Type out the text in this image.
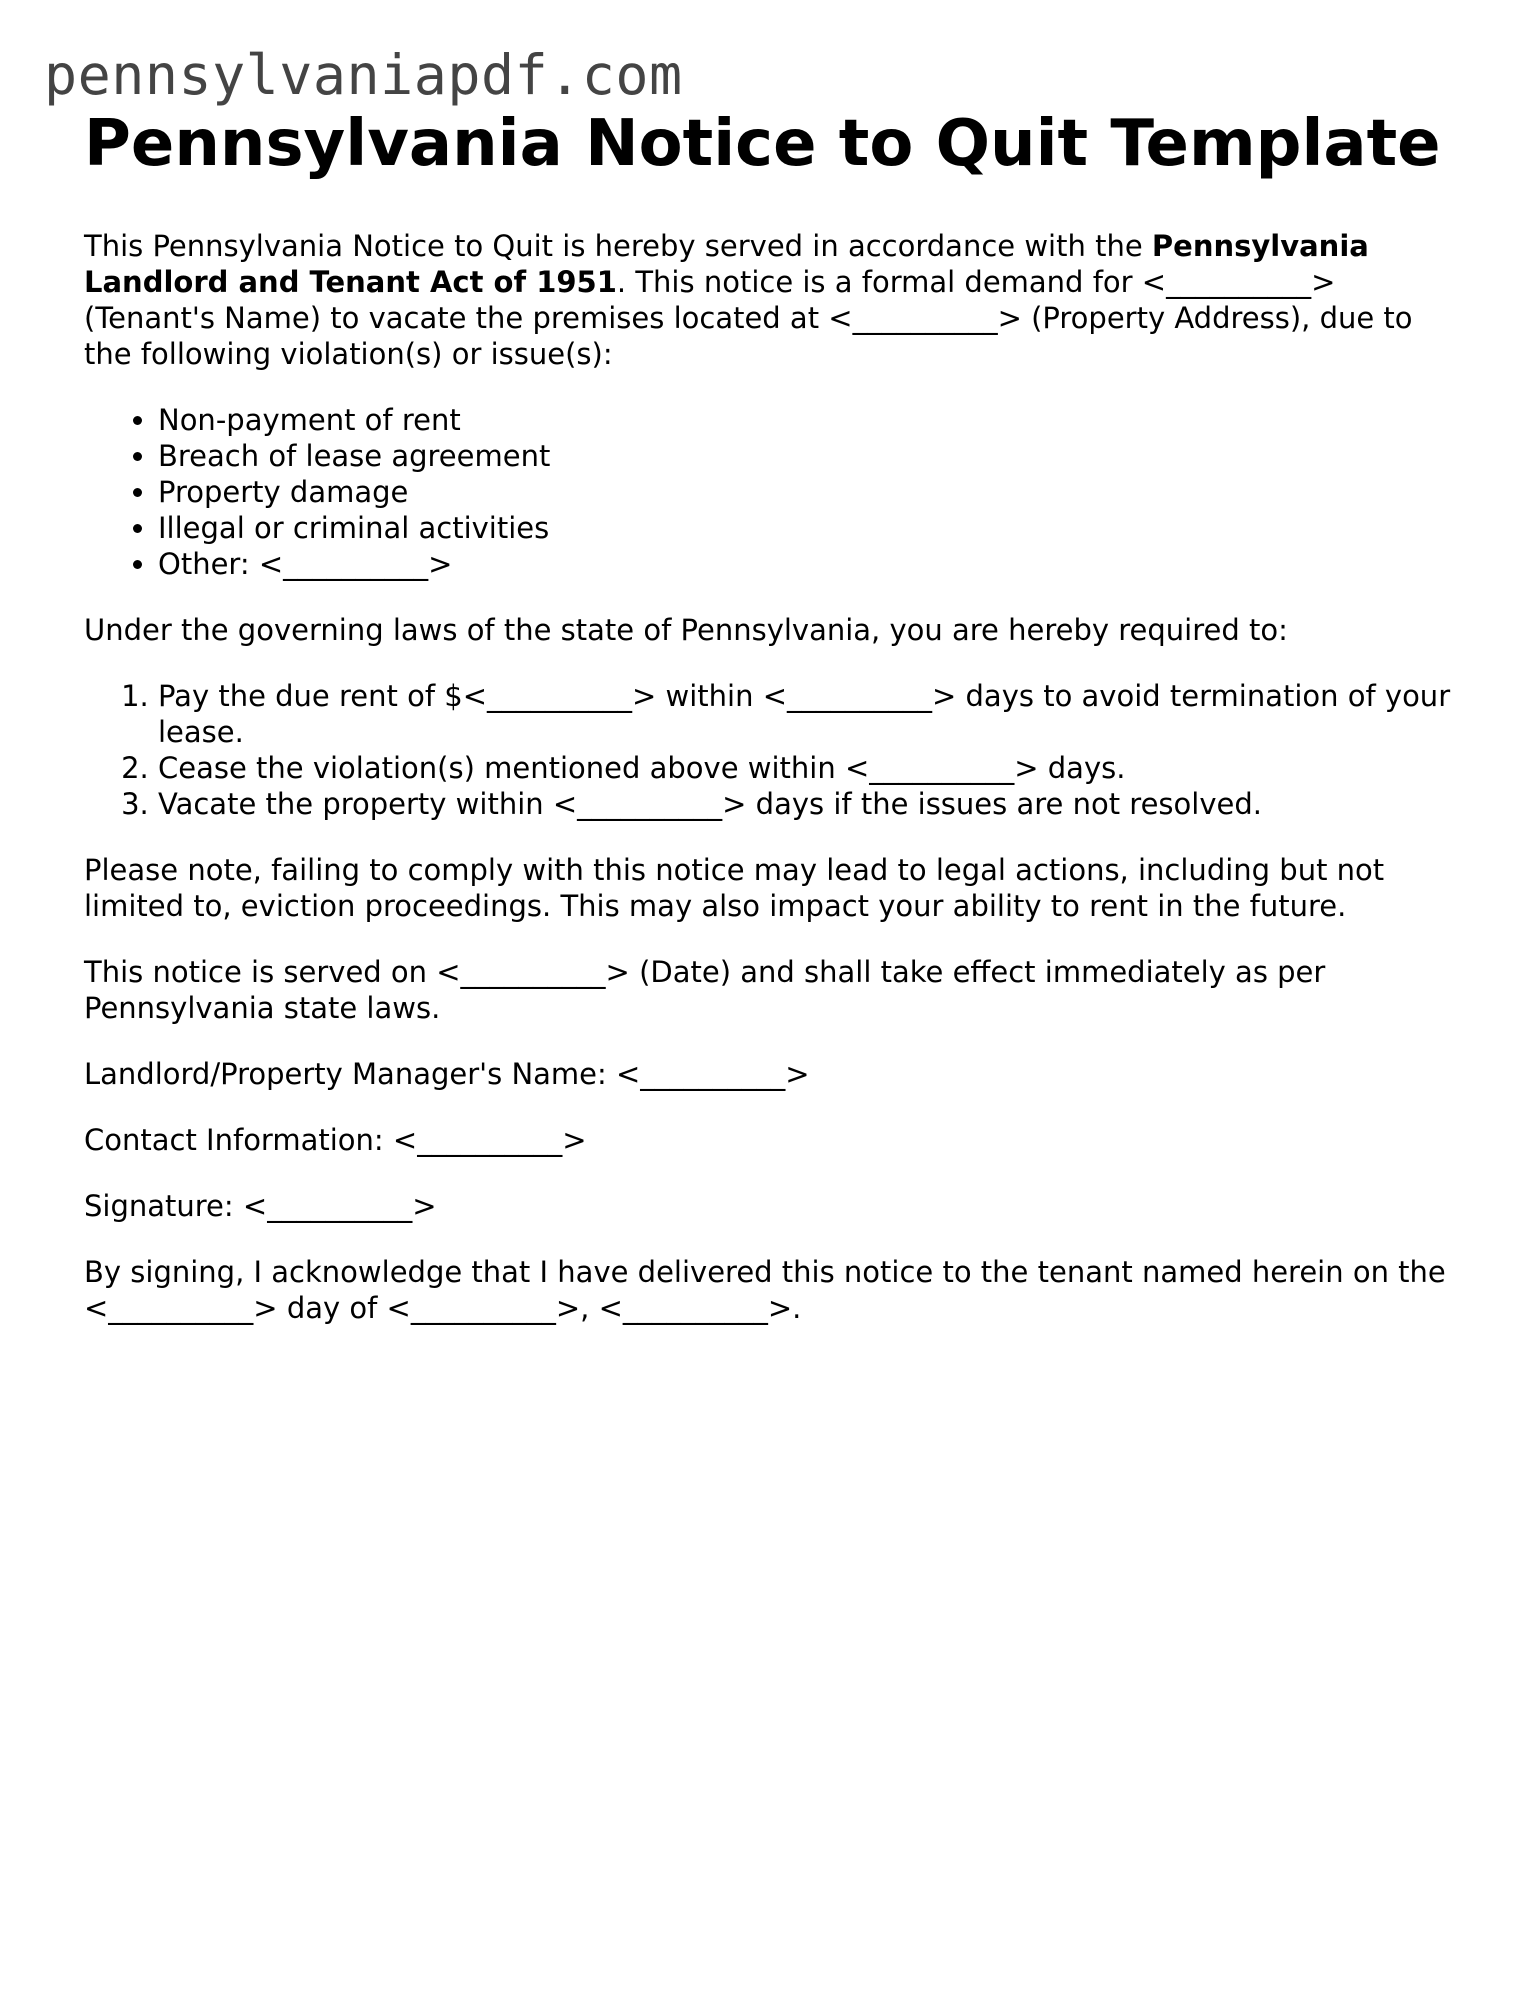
pennsylvaniapdf.com
Pennsylvania Notice to Quit Template

This Pennsylvania Notice to Quit is hereby served in accordance with the Pennsylvania Landlord and Tenant Act of 1951. This notice is a formal demand for <__________> (Tenant's Name) to vacate the premises located at <__________> (Property Address), due to the following violation(s) or issue(s):

• Non-payment of rent
• Breach of lease agreement
• Property damage
• Illegal or criminal activities
• Other: <__________>

Under the governing laws of the state of Pennsylvania, you are hereby required to:

1. Pay the due rent of $<__________> within <__________> days to avoid termination of your lease.
2. Cease the violation(s) mentioned above within <__________> days.
3. Vacate the property within <__________> days if the issues are not resolved.

Please note, failing to comply with this notice may lead to legal actions, including but not limited to, eviction proceedings. This may also impact your ability to rent in the future.

This notice is served on <__________> (Date) and shall take effect immediately as per Pennsylvania state laws.

Landlord/Property Manager's Name: <__________>

Contact Information: <__________>

Signature: <__________>

By signing, I acknowledge that I have delivered this notice to the tenant named herein on the <__________> day of <__________>, <__________>.
